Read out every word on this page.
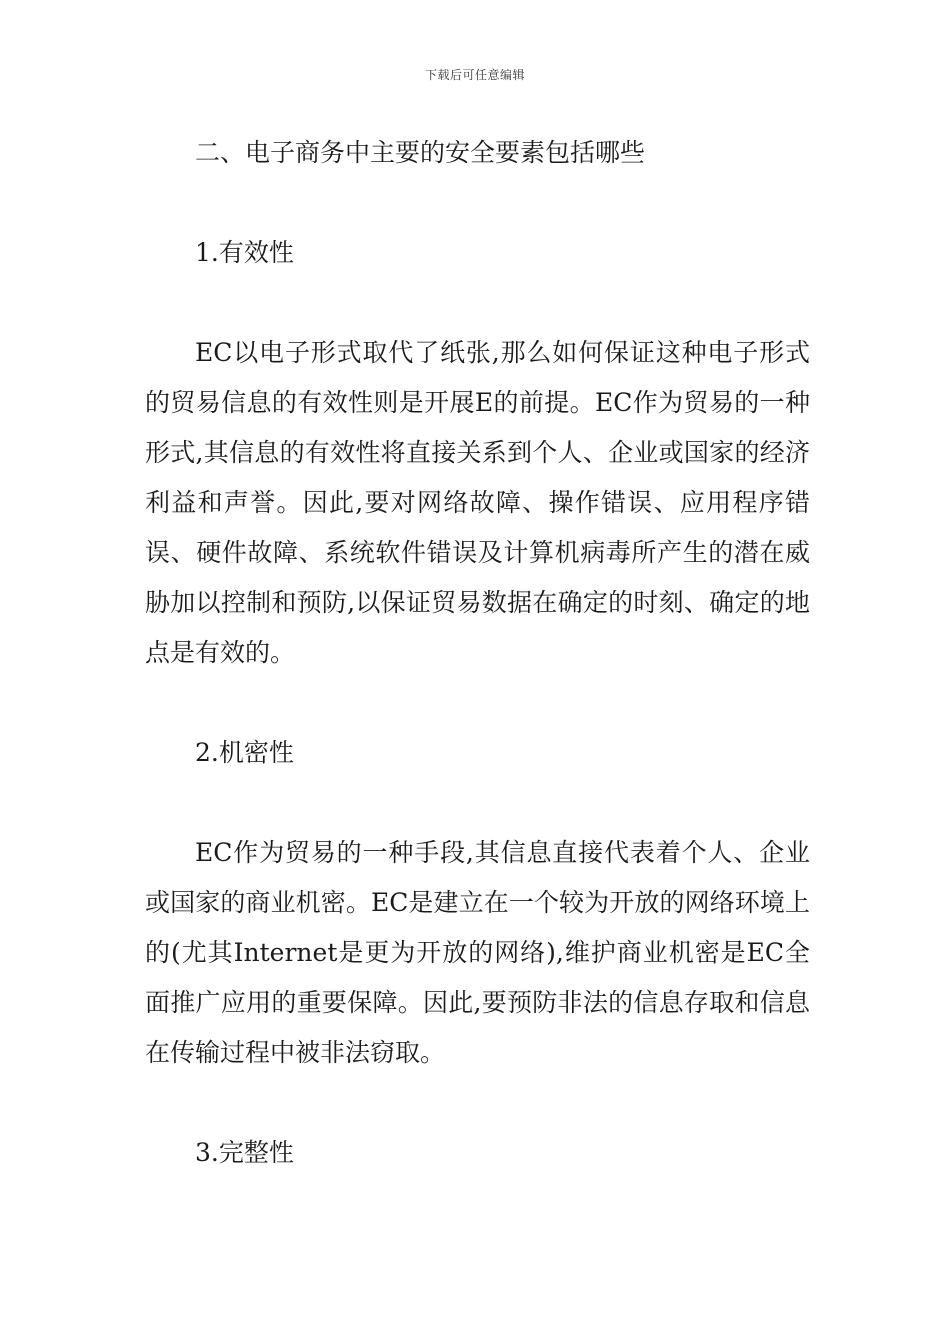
下载后可任意编辑

二、电子商务中主要的安全要素包括哪些

1.有效性

EC以电子形式取代了纸张,那么如何保证这种电子形式的贸易信息的有效性则是开展E的前提。EC作为贸易的一种形式,其信息的有效性将直接关系到个人、企业或国家的经济利益和声誉。因此,要对网络故障、操作错误、应用程序错误、硬件故障、系统软件错误及计算机病毒所产生的潜在威胁加以控制和预防,以保证贸易数据在确定的时刻、确定的地点是有效的。

2.机密性

EC作为贸易的一种手段,其信息直接代表着个人、企业或国家的商业机密。EC是建立在一个较为开放的网络环境上的(尤其Internet是更为开放的网络),维护商业机密是EC全面推广应用的重要保障。因此,要预防非法的信息存取和信息在传输过程中被非法窃取。

3.完整性
